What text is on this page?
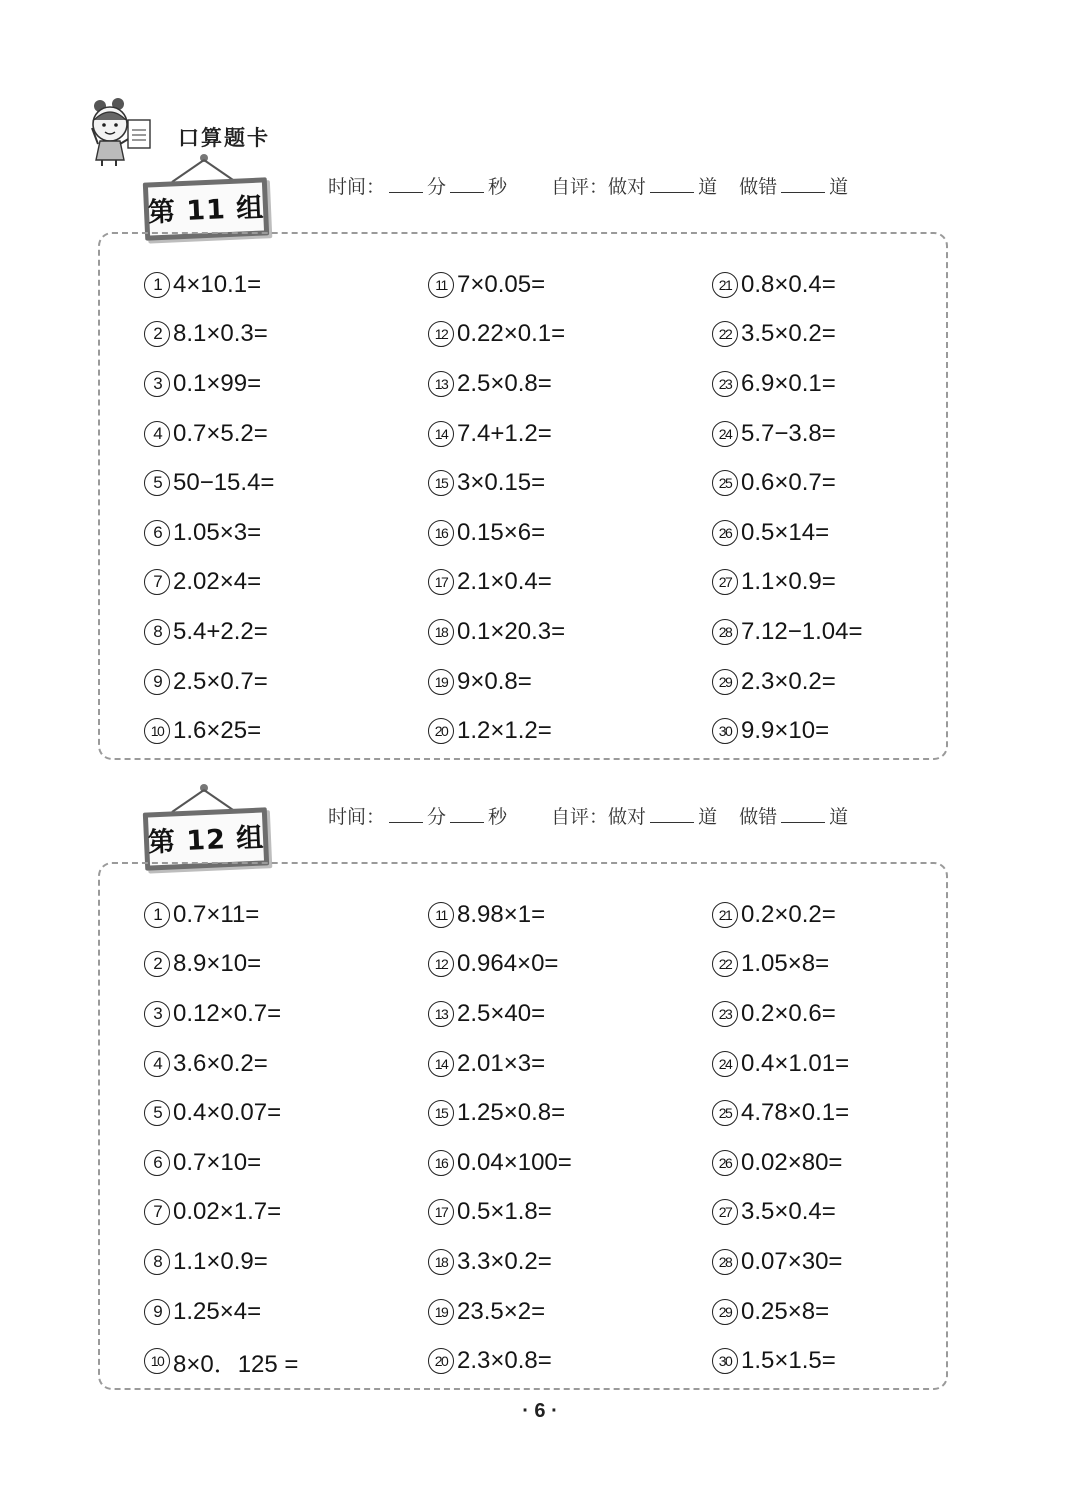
口算题卡
第 11 组
时间： 分 秒 自评：做对	道 做错	道
1 4×10.1=	11 7×0.05=	21 0.8×0.4=
2 8.1×0.3=	12 0.22×0.1=	22 3.5×0.2=
3 0.1×99=	13 2.5×0.8=	23 6.9×0.1=
4 0.7×5.2=	14 7.4+1.2=	24 5.7−3.8=
5 50−15.4=	15 3×0.15=	25 0.6×0.7=
6 1.05×3=	16 0.15×6=	26 0.5×14=
7 2.02×4=	17 2.1×0.4=	27 1.1×0.9=
8 5.4+2.2=	18 0.1×20.3=	28 7.12−1.04=
9 2.5×0.7=	19 9×0.8=	29 2.3×0.2=
10 1.6×25=	20 1.2×1.2=	30 9.9×10=
第 12 组
时间： 分 秒 自评：做对	道 做错	道
1 0.7×11=	11 8.98×1=	21 0.2×0.2=
2 8.9×10=	12 0.964×0=	22 1.05×8=
3 0.12×0.7=	13 2.5×40=	23 0.2×0.6=
4 3.6×0.2=	14 2.01×3=	24 0.4×1.01=
5 0.4×0.07=	15 1.25×0.8=	25 4.78×0.1=
6 0.7×10=	16 0.04×100=	26 0.02×80=
7 0.02×1.7=	17 0.5×1.8=	27 3.5×0.4=
8 1.1×0.9=	18 3.3×0.2=	28 0.07×30=
9 1.25×4=	19 23.5×2=	29 0.25×8=
10 8×0．125 =	20 2.3×0.8=	30 1.5×1.5=
· 6 ·
